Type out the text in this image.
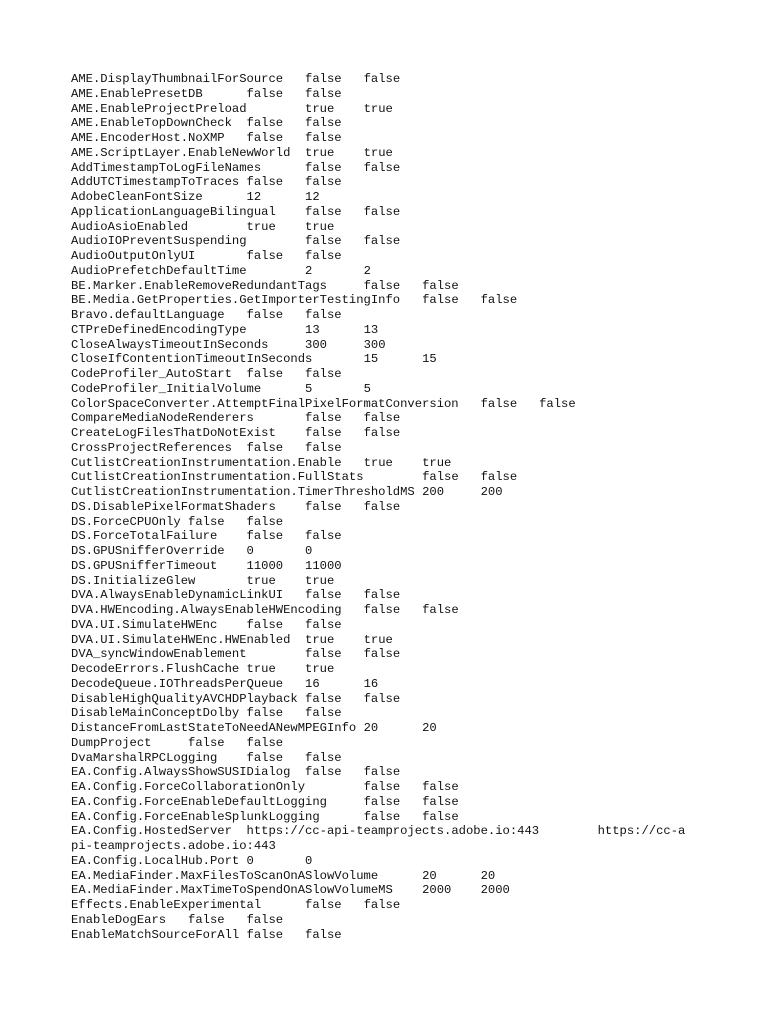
AME.DisplayThumbnailForSource	false	false
AME.EnablePresetDB	false	false
AME.EnableProjectPreload	true	true
AME.EnableTopDownCheck	false	false
AME.EncoderHost.NoXMP	false	false
AME.ScriptLayer.EnableNewWorld	true	true
AddTimestampToLogFileNames	false	false
AddUTCTimestampToTraces	false	false
AdobeCleanFontSize	12	12
ApplicationLanguageBilingual	false	false
AudioAsioEnabled	true	true
AudioIOPreventSuspending	false	false
AudioOutputOnlyUI	false	false
AudioPrefetchDefaultTime	2	2
BE.Marker.EnableRemoveRedundantTags	false	false
BE.Media.GetProperties.GetImporterTestingInfo	false	false
Bravo.defaultLanguage	false	false
CTPreDefinedEncodingType	13	13
CloseAlwaysTimeoutInSeconds	300	300
CloseIfContentionTimeoutInSeconds	15	15
CodeProfiler_AutoStart	false	false
CodeProfiler_InitialVolume	5	5
ColorSpaceConverter.AttemptFinalPixelFormatConversion	false	false
CompareMediaNodeRenderers	false	false
CreateLogFilesThatDoNotExist	false	false
CrossProjectReferences	false	false
CutlistCreationInstrumentation.Enable	true	true
CutlistCreationInstrumentation.FullStats	false	false
CutlistCreationInstrumentation.TimerThresholdMS	200	200
DS.DisablePixelFormatShaders	false	false
DS.ForceCPUOnly	false	false
DS.ForceTotalFailure	false	false
DS.GPUSnifferOverride	0	0
DS.GPUSnifferTimeout	11000	11000
DS.InitializeGlew	true	true
DVA.AlwaysEnableDynamicLinkUI	false	false
DVA.HWEncoding.AlwaysEnableHWEncoding	false	false
DVA.UI.SimulateHWEnc	false	false
DVA.UI.SimulateHWEnc.HWEnabled	true	true
DVA_syncWindowEnablement	false	false
DecodeErrors.FlushCache	true	true
DecodeQueue.IOThreadsPerQueue	16	16
DisableHighQualityAVCHDPlayback	false	false
DisableMainConceptDolby	false	false
DistanceFromLastStateToNeedANewMPEGInfo	20	20
DumpProject	false	false
DvaMarshalRPCLogging	false	false
EA.Config.AlwaysShowSUSIDialog	false	false
EA.Config.ForceCollaborationOnly	false	false
EA.Config.ForceEnableDefaultLogging	false	false
EA.Config.ForceEnableSplunkLogging	false	false
EA.Config.HostedServer	https://cc-api-teamprojects.adobe.io:443	https://cc-api-teamprojects.adobe.io:443
EA.Config.LocalHub.Port	0	0
EA.MediaFinder.MaxFilesToScanOnASlowVolume	20	20
EA.MediaFinder.MaxTimeToSpendOnASlowVolumeMS	2000	2000
Effects.EnableExperimental	false	false
EnableDogEars	false	false
EnableMatchSourceForAll	false	false
